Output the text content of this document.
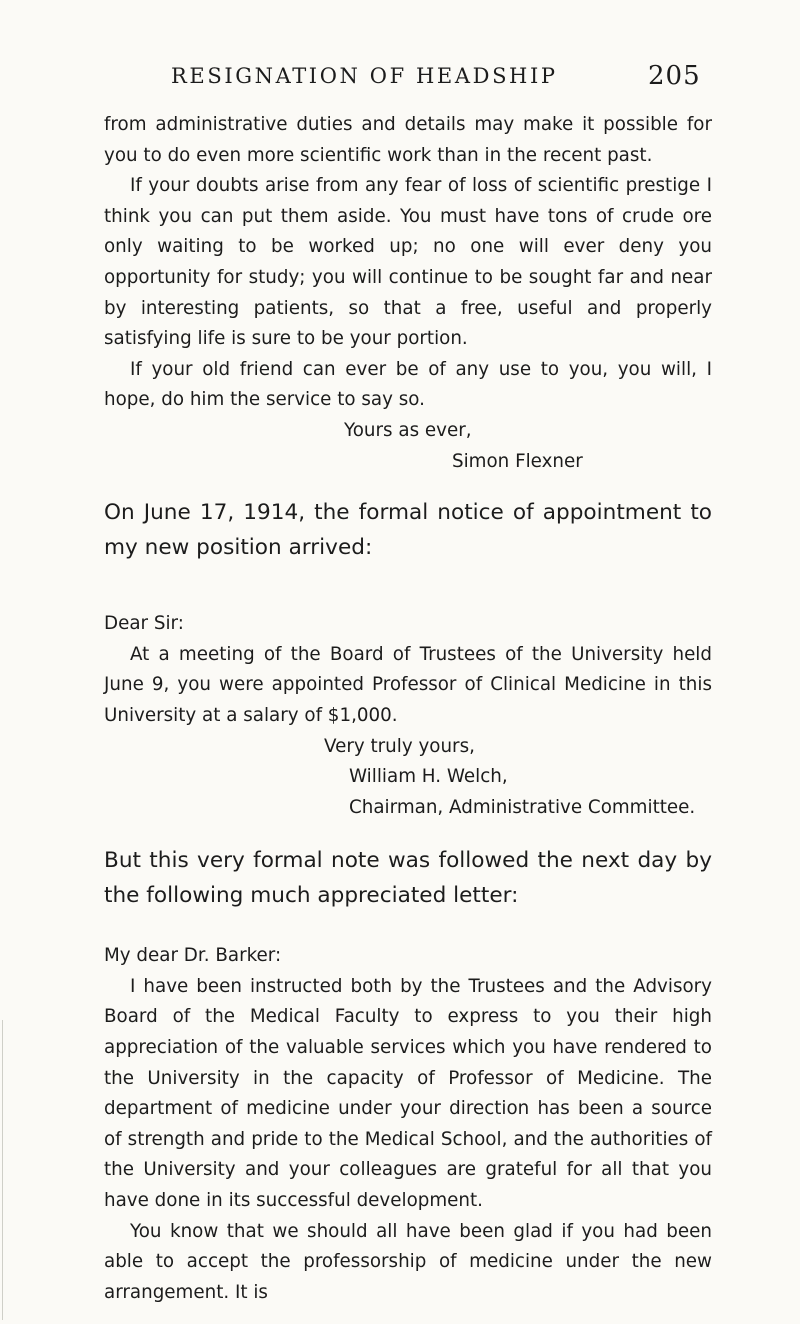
RESIGNATION OF HEADSHIP	205

from administrative duties and details may make it possible for you to do even more scientific work than in the recent past.

If your doubts arise from any fear of loss of scientific prestige I think you can put them aside. You must have tons of crude ore only waiting to be worked up; no one will ever deny you opportunity for study; you will continue to be sought far and near by interesting patients, so that a free, useful and properly satisfying life is sure to be your portion.

If your old friend can ever be of any use to you, you will, I hope, do him the service to say so.

Yours as ever,

Simon Flexner

On June 17, 1914, the formal notice of appointment to my new position arrived:

Dear Sir:

At a meeting of the Board of Trustees of the University held June 9, you were appointed Professor of Clinical Medicine in this University at a salary of $1,000.

Very truly yours,

William H. Welch,

Chairman, Administrative Committee.

But this very formal note was followed the next day by the following much appreciated letter:

My dear Dr. Barker:

I have been instructed both by the Trustees and the Advisory Board of the Medical Faculty to express to you their high appreciation of the valuable services which you have rendered to the University in the capacity of Professor of Medicine. The department of medicine under your direction has been a source of strength and pride to the Medical School, and the authorities of the University and your colleagues are grateful for all that you have done in its successful development.

You know that we should all have been glad if you had been able to accept the professorship of medicine under the new arrangement. It is
